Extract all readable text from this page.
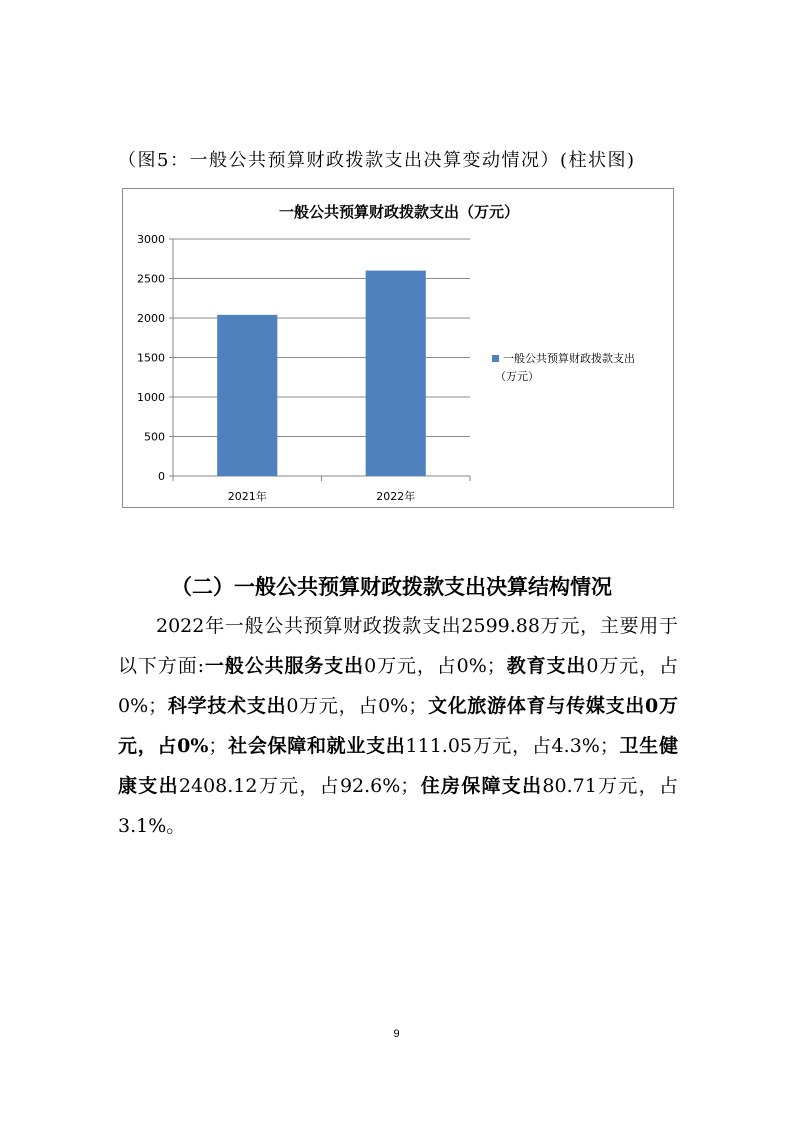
（图5：一般公共预算财政拨款支出决算变动情况）(柱状图)
一般公共预算财政拨款支出（万元）
0
500
1000
1500
2000
2500
3000
2021年	2022年
一般公共预算财政拨款支出
（万元）
（二）一般公共预算财政拨款支出决算结构情况

2022年一般公共预算财政拨款支出2599.88万元，主要用于以下方面:一般公共服务支出0万元，占0%；教育支出0万元，占0%；科学技术支出0万元，占0%；文化旅游体育与传媒支出0万元，占0%；社会保障和就业支出111.05万元，占4.3%；卫生健康支出2408.12万元，占92.6%；住房保障支出80.71万元，占3.1%。

9
